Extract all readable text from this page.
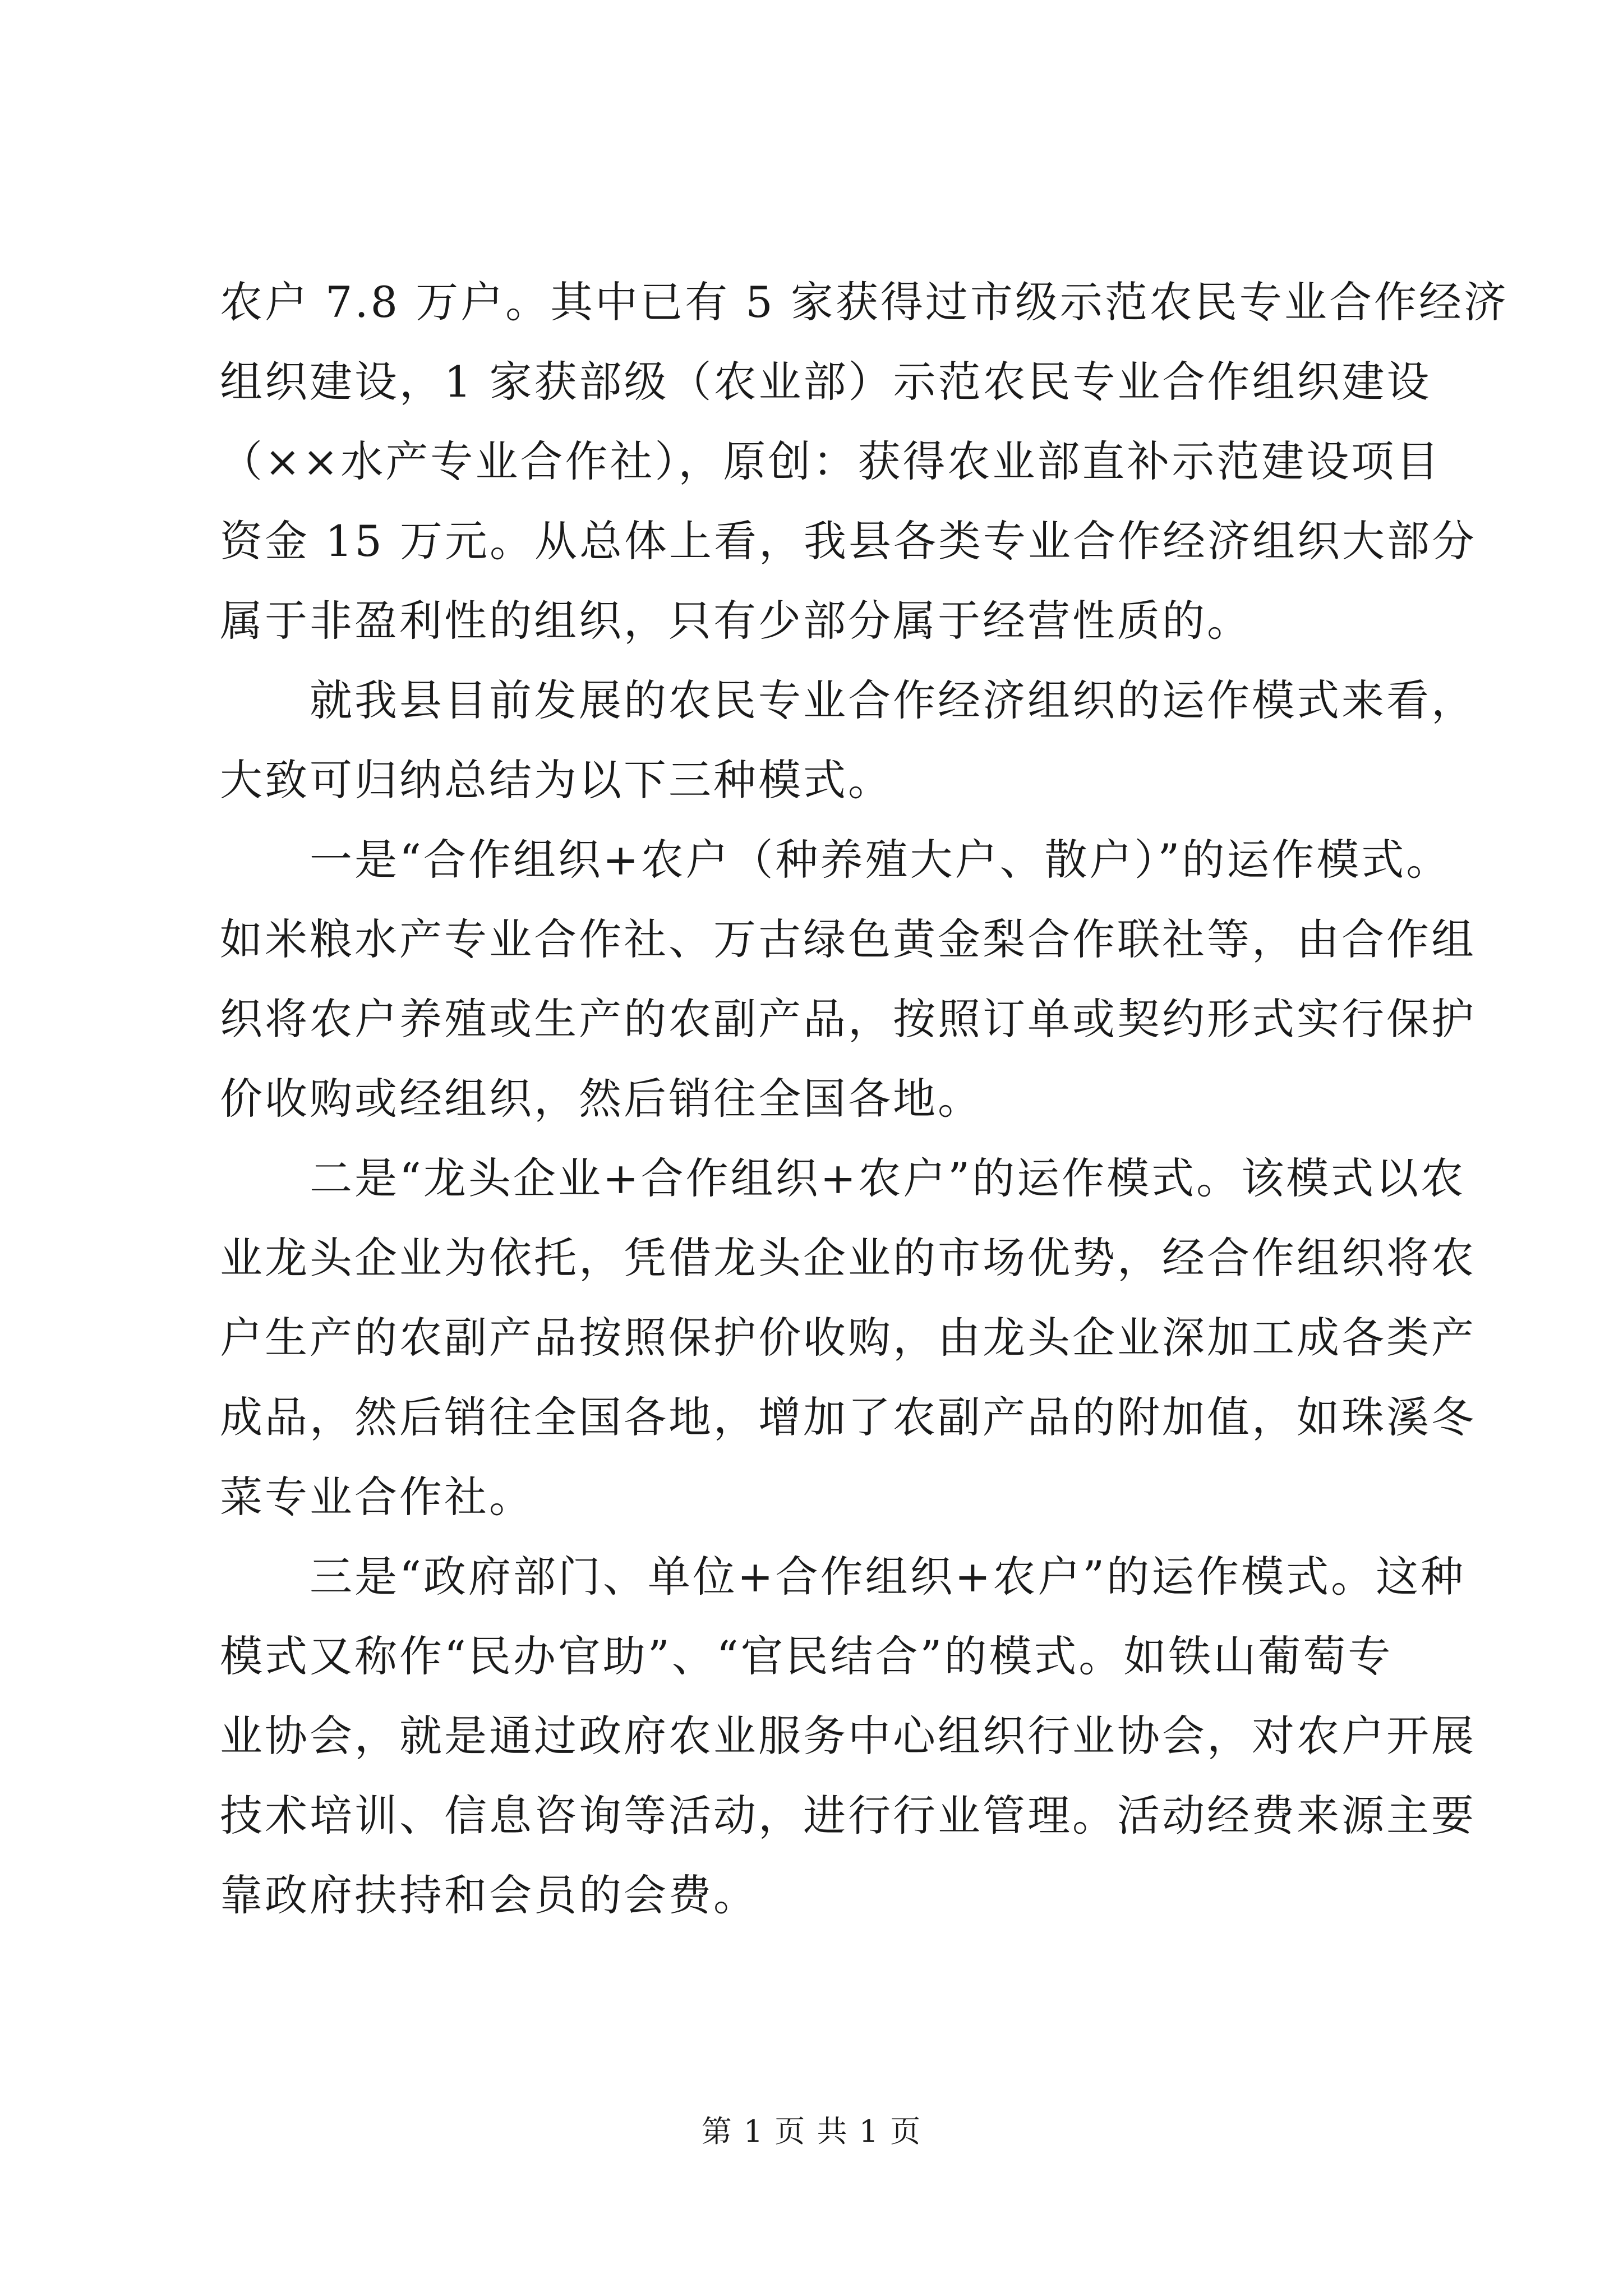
农户 7.8 万户。其中已有 5 家获得过市级示范农民专业合作经济
组织建设，1 家获部级（农业部）示范农民专业合作组织建设
（××水产专业合作社），原创：获得农业部直补示范建设项目
资金 15 万元。从总体上看，我县各类专业合作经济组织大部分
属于非盈利性的组织，只有少部分属于经营性质的。
就我县目前发展的农民专业合作经济组织的运作模式来看，
大致可归纳总结为以下三种模式。
一是“合作组织+农户（种养殖大户、散户）”的运作模式。
如米粮水产专业合作社、万古绿色黄金梨合作联社等，由合作组
织将农户养殖或生产的农副产品，按照订单或契约形式实行保护
价收购或经组织，然后销往全国各地。
二是“龙头企业+合作组织+农户”的运作模式。该模式以农
业龙头企业为依托，凭借龙头企业的市场优势，经合作组织将农
户生产的农副产品按照保护价收购，由龙头企业深加工成各类产
成品，然后销往全国各地，增加了农副产品的附加值，如珠溪冬
菜专业合作社。
三是“政府部门、单位+合作组织+农户”的运作模式。这种
模式又称作“民办官助”、“官民结合”的模式。如铁山葡萄专
业协会，就是通过政府农业服务中心组织行业协会，对农户开展
技术培训、信息咨询等活动，进行行业管理。活动经费来源主要
靠政府扶持和会员的会费。
第 1 页 共 1 页
